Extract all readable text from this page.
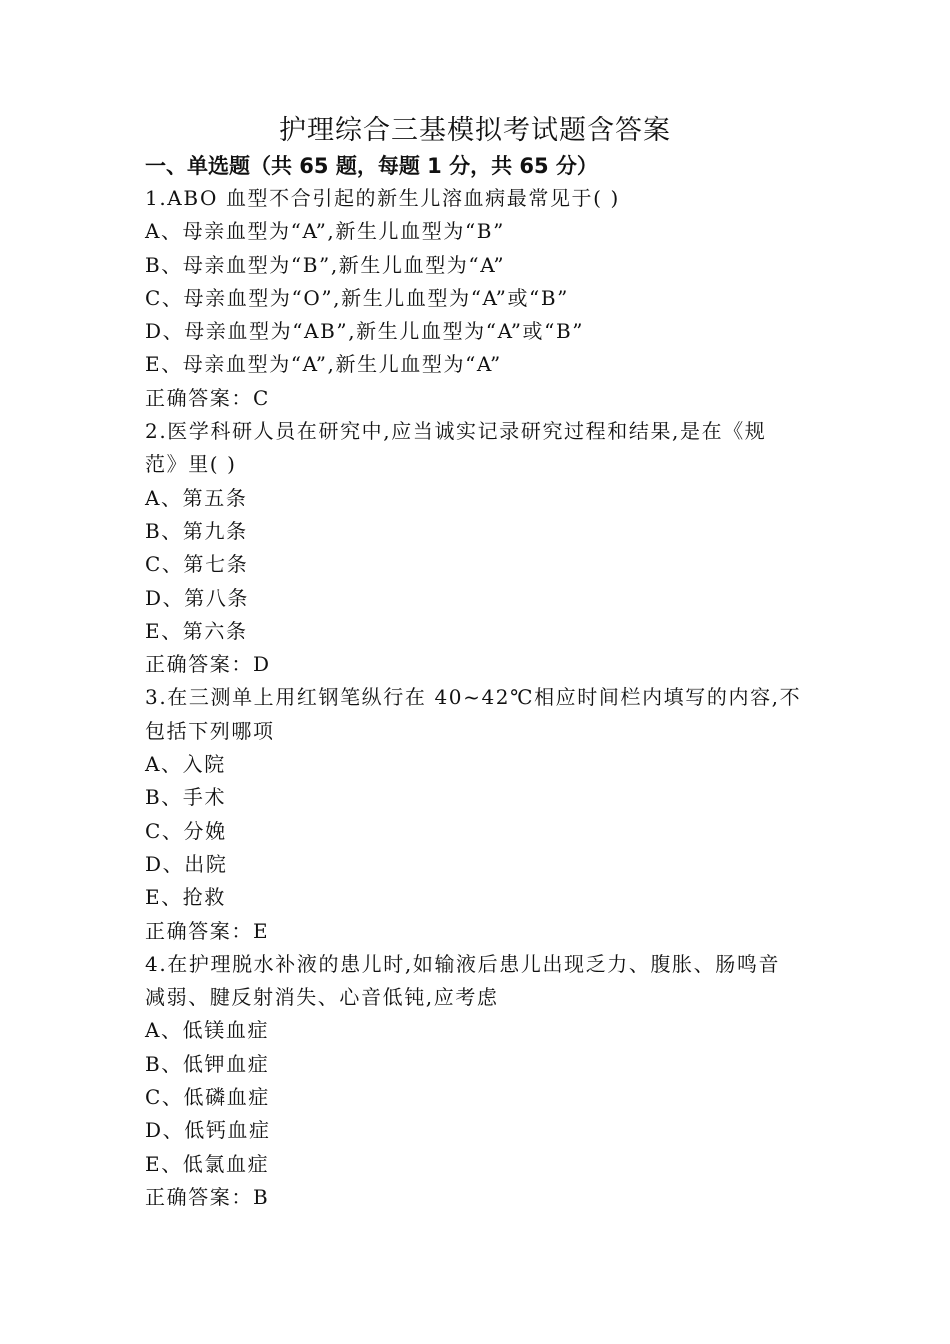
护理综合三基模拟考试题含答案
一、单选题（共 65 题，每题 1 分，共 65 分）
1.ABO 血型不合引起的新生儿溶血病最常见于( )
A、母亲血型为“A”,新生儿血型为“B”
B、母亲血型为“B”,新生儿血型为“A”
C、母亲血型为“O”,新生儿血型为“A”或“B”
D、母亲血型为“AB”,新生儿血型为“A”或“B”
E、母亲血型为“A”,新生儿血型为“A”
正确答案：C
2.医学科研人员在研究中,应当诚实记录研究过程和结果,是在《规
范》里( )
A、第五条
B、第九条
C、第七条
D、第八条
E、第六条
正确答案：D
3.在三测单上用红钢笔纵行在 40~42℃相应时间栏内填写的内容,不
包括下列哪项
A、入院
B、手术
C、分娩
D、出院
E、抢救
正确答案：E
4.在护理脱水补液的患儿时,如输液后患儿出现乏力、腹胀、肠鸣音
减弱、腱反射消失、心音低钝,应考虑
A、低镁血症
B、低钾血症
C、低磷血症
D、低钙血症
E、低氯血症
正确答案：B
